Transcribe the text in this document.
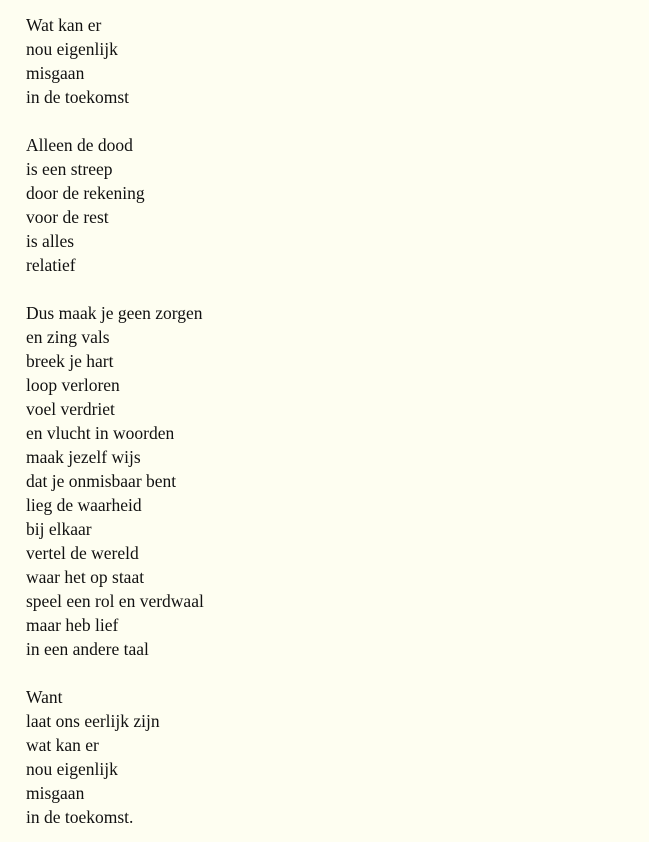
Wat kan er
nou eigenlijk
misgaan
in de toekomst
Alleen de dood
is een streep
door de rekening
voor de rest
is alles
relatief
Dus maak je geen zorgen
en zing vals
breek je hart
loop verloren
voel verdriet
en vlucht in woorden
maak jezelf wijs
dat je onmisbaar bent
lieg de waarheid
bij elkaar
vertel de wereld
waar het op staat
speel een rol en verdwaal
maar heb lief
in een andere taal
Want
laat ons eerlijk zijn
wat kan er
nou eigenlijk
misgaan
in de toekomst.
